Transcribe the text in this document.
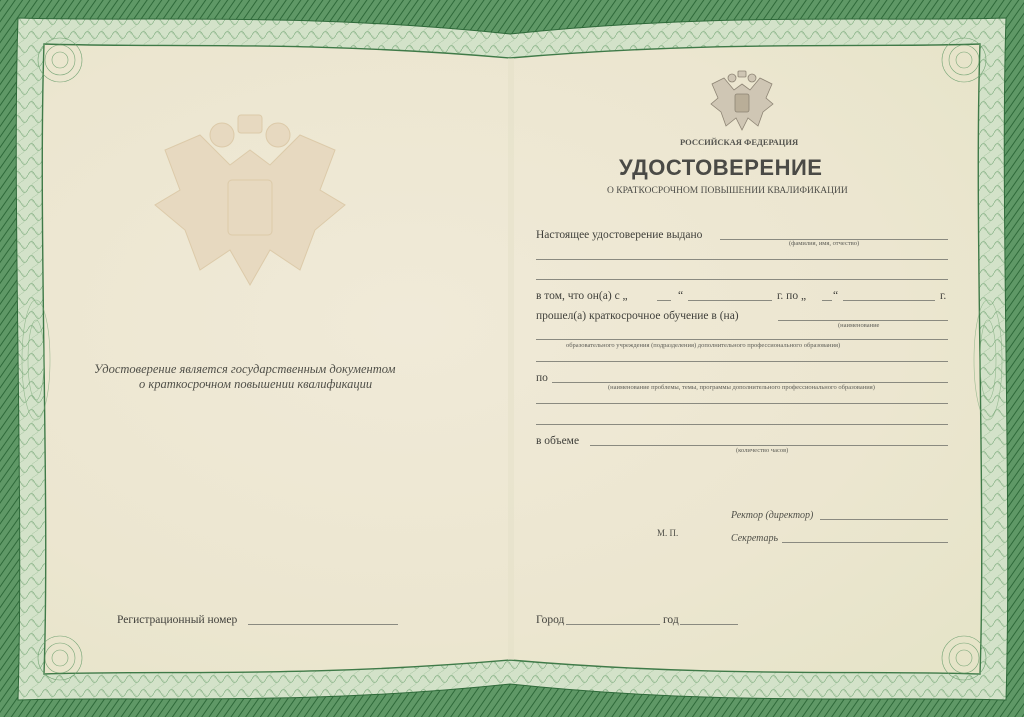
Удостоверение является государственным документом
о краткосрочном повышении квалификации
Регистрационный номер
РОССИЙСКАЯ ФЕДЕРАЦИЯ
УДОСТОВЕРЕНИЕ
О КРАТКОСРОЧНОМ ПОВЫШЕНИИ КВАЛИФИКАЦИИ
Настоящее удостоверение выдано
(фамилия, имя, отчество)
в том, что он(а) с „	“	г. по „ “	г.
прошел(а) краткосрочное обучение в (на)
(наименование
образовательного учреждения (подразделения) дополнительного профессионального образования)
по
(наименование проблемы, темы, программы дополнительного профессионального образования)
в объеме
(количество часов)
Ректор (директор)
М. П.	Секретарь
Город	год
